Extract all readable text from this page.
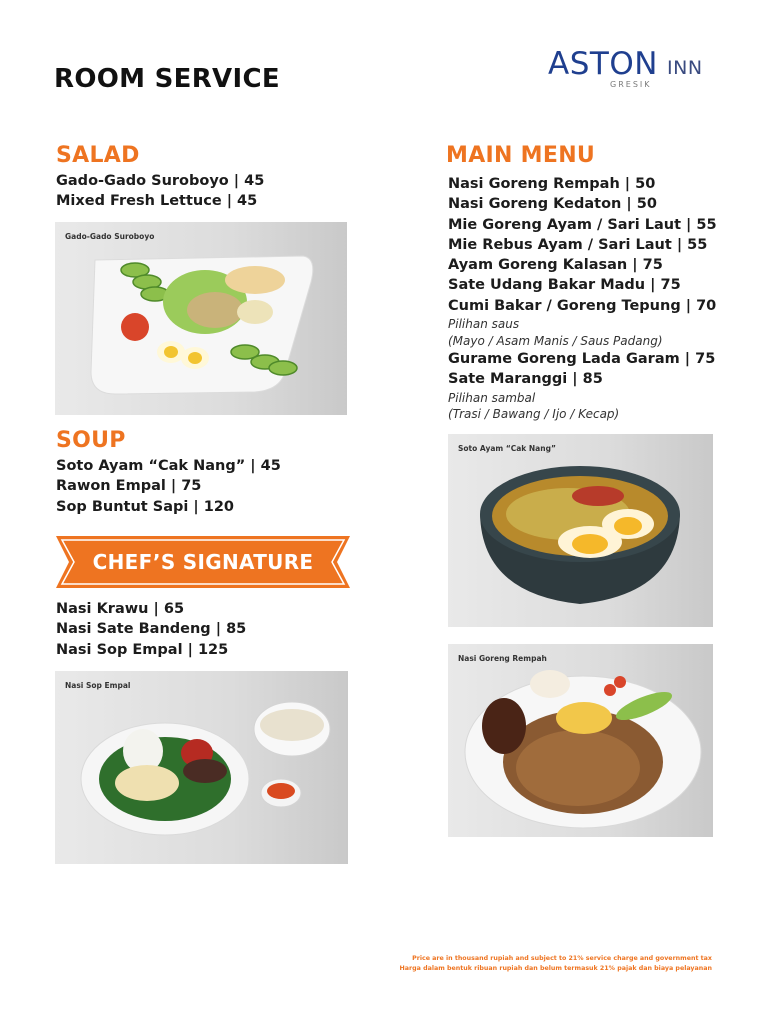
ROOM SERVICE	ASTON INN
GRESIK
SALAD
Gado-Gado Suroboyo | 45
Mixed Fresh Lettuce | 45
Gado-Gado Suroboyo
SOUP
Soto Ayam “Cak Nang” | 45
Rawon Empal | 75
Sop Buntut Sapi | 120
CHEF’S SIGNATURE
Nasi Krawu | 65
Nasi Sate Bandeng | 85
Nasi Sop Empal | 125
Nasi Sop Empal
MAIN MENU
Nasi Goreng Rempah | 50
Nasi Goreng Kedaton | 50
Mie Goreng Ayam / Sari Laut | 55
Mie Rebus Ayam / Sari Laut | 55
Ayam Goreng Kalasan | 75
Sate Udang Bakar Madu | 75
Cumi Bakar / Goreng Tepung | 70
Pilihan saus
(Mayo / Asam Manis / Saus Padang)
Gurame Goreng Lada Garam | 75
Sate Maranggi | 85
Pilihan sambal
(Trasi / Bawang / Ijo / Kecap)
Soto Ayam “Cak Nang”
Nasi Goreng Rempah

Price are in thousand rupiah and subject to 21% service charge and government tax

Harga dalam bentuk ribuan rupiah dan belum termasuk 21% pajak dan biaya pelayanan
